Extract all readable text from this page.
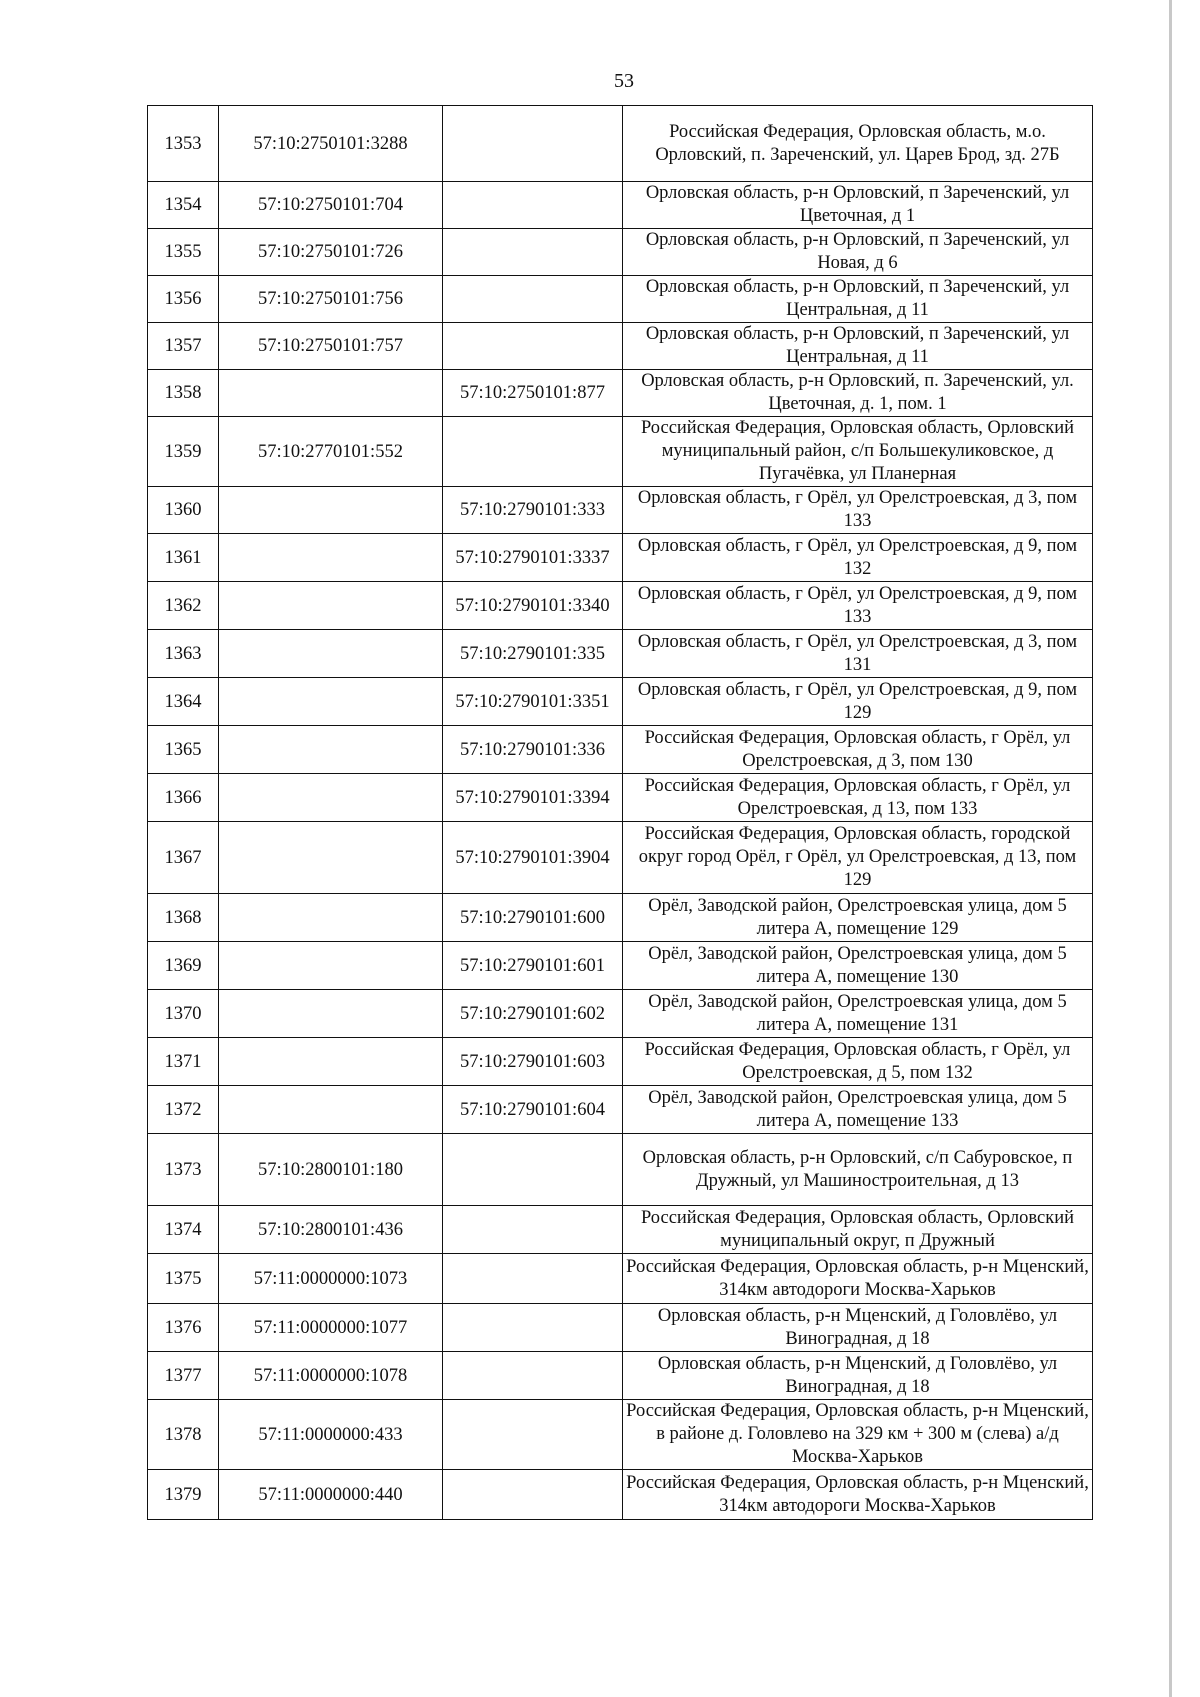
53
1353	57:10:2750101:3288		Российская Федерация, Орловская область, м.о. Орловский, п. Зареченский, ул. Царев Брод, зд. 27Б
1354	57:10:2750101:704		Орловская область, р-н Орловский, п Зареченский, ул Цветочная, д 1
1355	57:10:2750101:726		Орловская область, р-н Орловский, п Зареченский, ул Новая, д 6
1356	57:10:2750101:756		Орловская область, р-н Орловский, п Зареченский, ул Центральная, д 11
1357	57:10:2750101:757		Орловская область, р-н Орловский, п Зареченский, ул Центральная, д 11
1358		57:10:2750101:877	Орловская область, р-н Орловский, п. Зареченский, ул. Цветочная, д. 1, пом. 1
1359	57:10:2770101:552		Российская Федерация, Орловская область, Орловский муниципальный район, с/п Большекуликовское, д Пугачёвка, ул Планерная
1360		57:10:2790101:333	Орловская область, г Орёл, ул Орелстроевская, д 3, пом 133
1361		57:10:2790101:3337	Орловская область, г Орёл, ул Орелстроевская, д 9, пом 132
1362		57:10:2790101:3340	Орловская область, г Орёл, ул Орелстроевская, д 9, пом 133
1363		57:10:2790101:335	Орловская область, г Орёл, ул Орелстроевская, д 3, пом 131
1364		57:10:2790101:3351	Орловская область, г Орёл, ул Орелстроевская, д 9, пом 129
1365		57:10:2790101:336	Российская Федерация, Орловская область, г Орёл, ул Орелстроевская, д 3, пом 130
1366		57:10:2790101:3394	Российская Федерация, Орловская область, г Орёл, ул Орелстроевская, д 13, пом 133
1367		57:10:2790101:3904	Российская Федерация, Орловская область, городской округ город Орёл, г Орёл, ул Орелстроевская, д 13, пом 129
1368		57:10:2790101:600	Орёл, Заводской район, Орелстроевская улица, дом 5 литера А, помещение 129
1369		57:10:2790101:601	Орёл, Заводской район, Орелстроевская улица, дом 5 литера А, помещение 130
1370		57:10:2790101:602	Орёл, Заводской район, Орелстроевская улица, дом 5 литера А, помещение 131
1371		57:10:2790101:603	Российская Федерация, Орловская область, г Орёл, ул Орелстроевская, д 5, пом 132
1372		57:10:2790101:604	Орёл, Заводской район, Орелстроевская улица, дом 5 литера А, помещение 133
1373	57:10:2800101:180		Орловская область, р-н Орловский, с/п Сабуровское, п Дружный, ул Машиностроительная, д 13
1374	57:10:2800101:436		Российская Федерация, Орловская область, Орловский муниципальный округ, п Дружный
1375	57:11:0000000:1073		Российская Федерация, Орловская область, р-н Мценский, 314км автодороги Москва-Харьков
1376	57:11:0000000:1077		Орловская область, р-н Мценский, д Головлёво, ул Виноградная, д 18
1377	57:11:0000000:1078		Орловская область, р-н Мценский, д Головлёво, ул Виноградная, д 18
1378	57:11:0000000:433		Российская Федерация, Орловская область, р-н Мценский, в районе д. Головлево на 329 км + 300 м (слева) а/д Москва-Харьков
1379	57:11:0000000:440		Российская Федерация, Орловская область, р-н Мценский, 314км автодороги Москва-Харьков
